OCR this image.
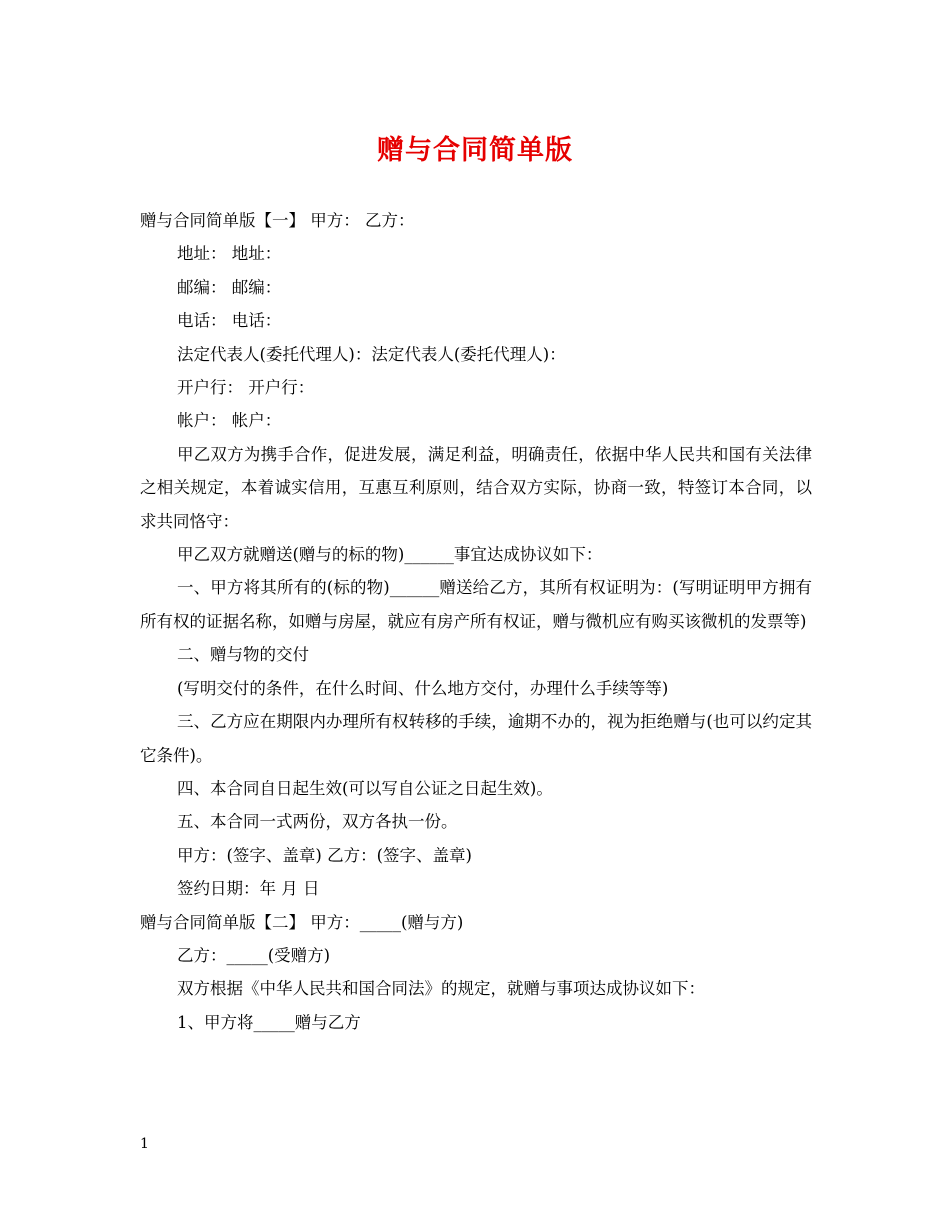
赠与合同简单版

赠与合同简单版【一】 甲方： 乙方：

地址： 地址：

邮编： 邮编：

电话： 电话：

法定代表人(委托代理人)：法定代表人(委托代理人)：

开户行： 开户行：

帐户： 帐户：

甲乙双方为携手合作，促进发展，满足利益，明确责任，依据中华人民共和国有关法律之相关规定，本着诚实信用，互惠互利原则，结合双方实际，协商一致，特签订本合同，以求共同恪守：

甲乙双方就赠送(赠与的标的物)______事宜达成协议如下：

一、甲方将其所有的(标的物)______赠送给乙方，其所有权证明为：(写明证明甲方拥有所有权的证据名称，如赠与房屋，就应有房产所有权证，赠与微机应有购买该微机的发票等)

二、赠与物的交付

(写明交付的条件，在什么时间、什么地方交付，办理什么手续等等)

三、乙方应在期限内办理所有权转移的手续，逾期不办的，视为拒绝赠与(也可以约定其它条件)。

四、本合同自日起生效(可以写自公证之日起生效)。

五、本合同一式两份，双方各执一份。

甲方：(签字、盖章) 乙方：(签字、盖章)

签约日期：年 月 日

赠与合同简单版【二】 甲方：_____(赠与方)

乙方：_____(受赠方)

双方根据《中华人民共和国合同法》的规定，就赠与事项达成协议如下：

1、甲方将_____赠与乙方

1
